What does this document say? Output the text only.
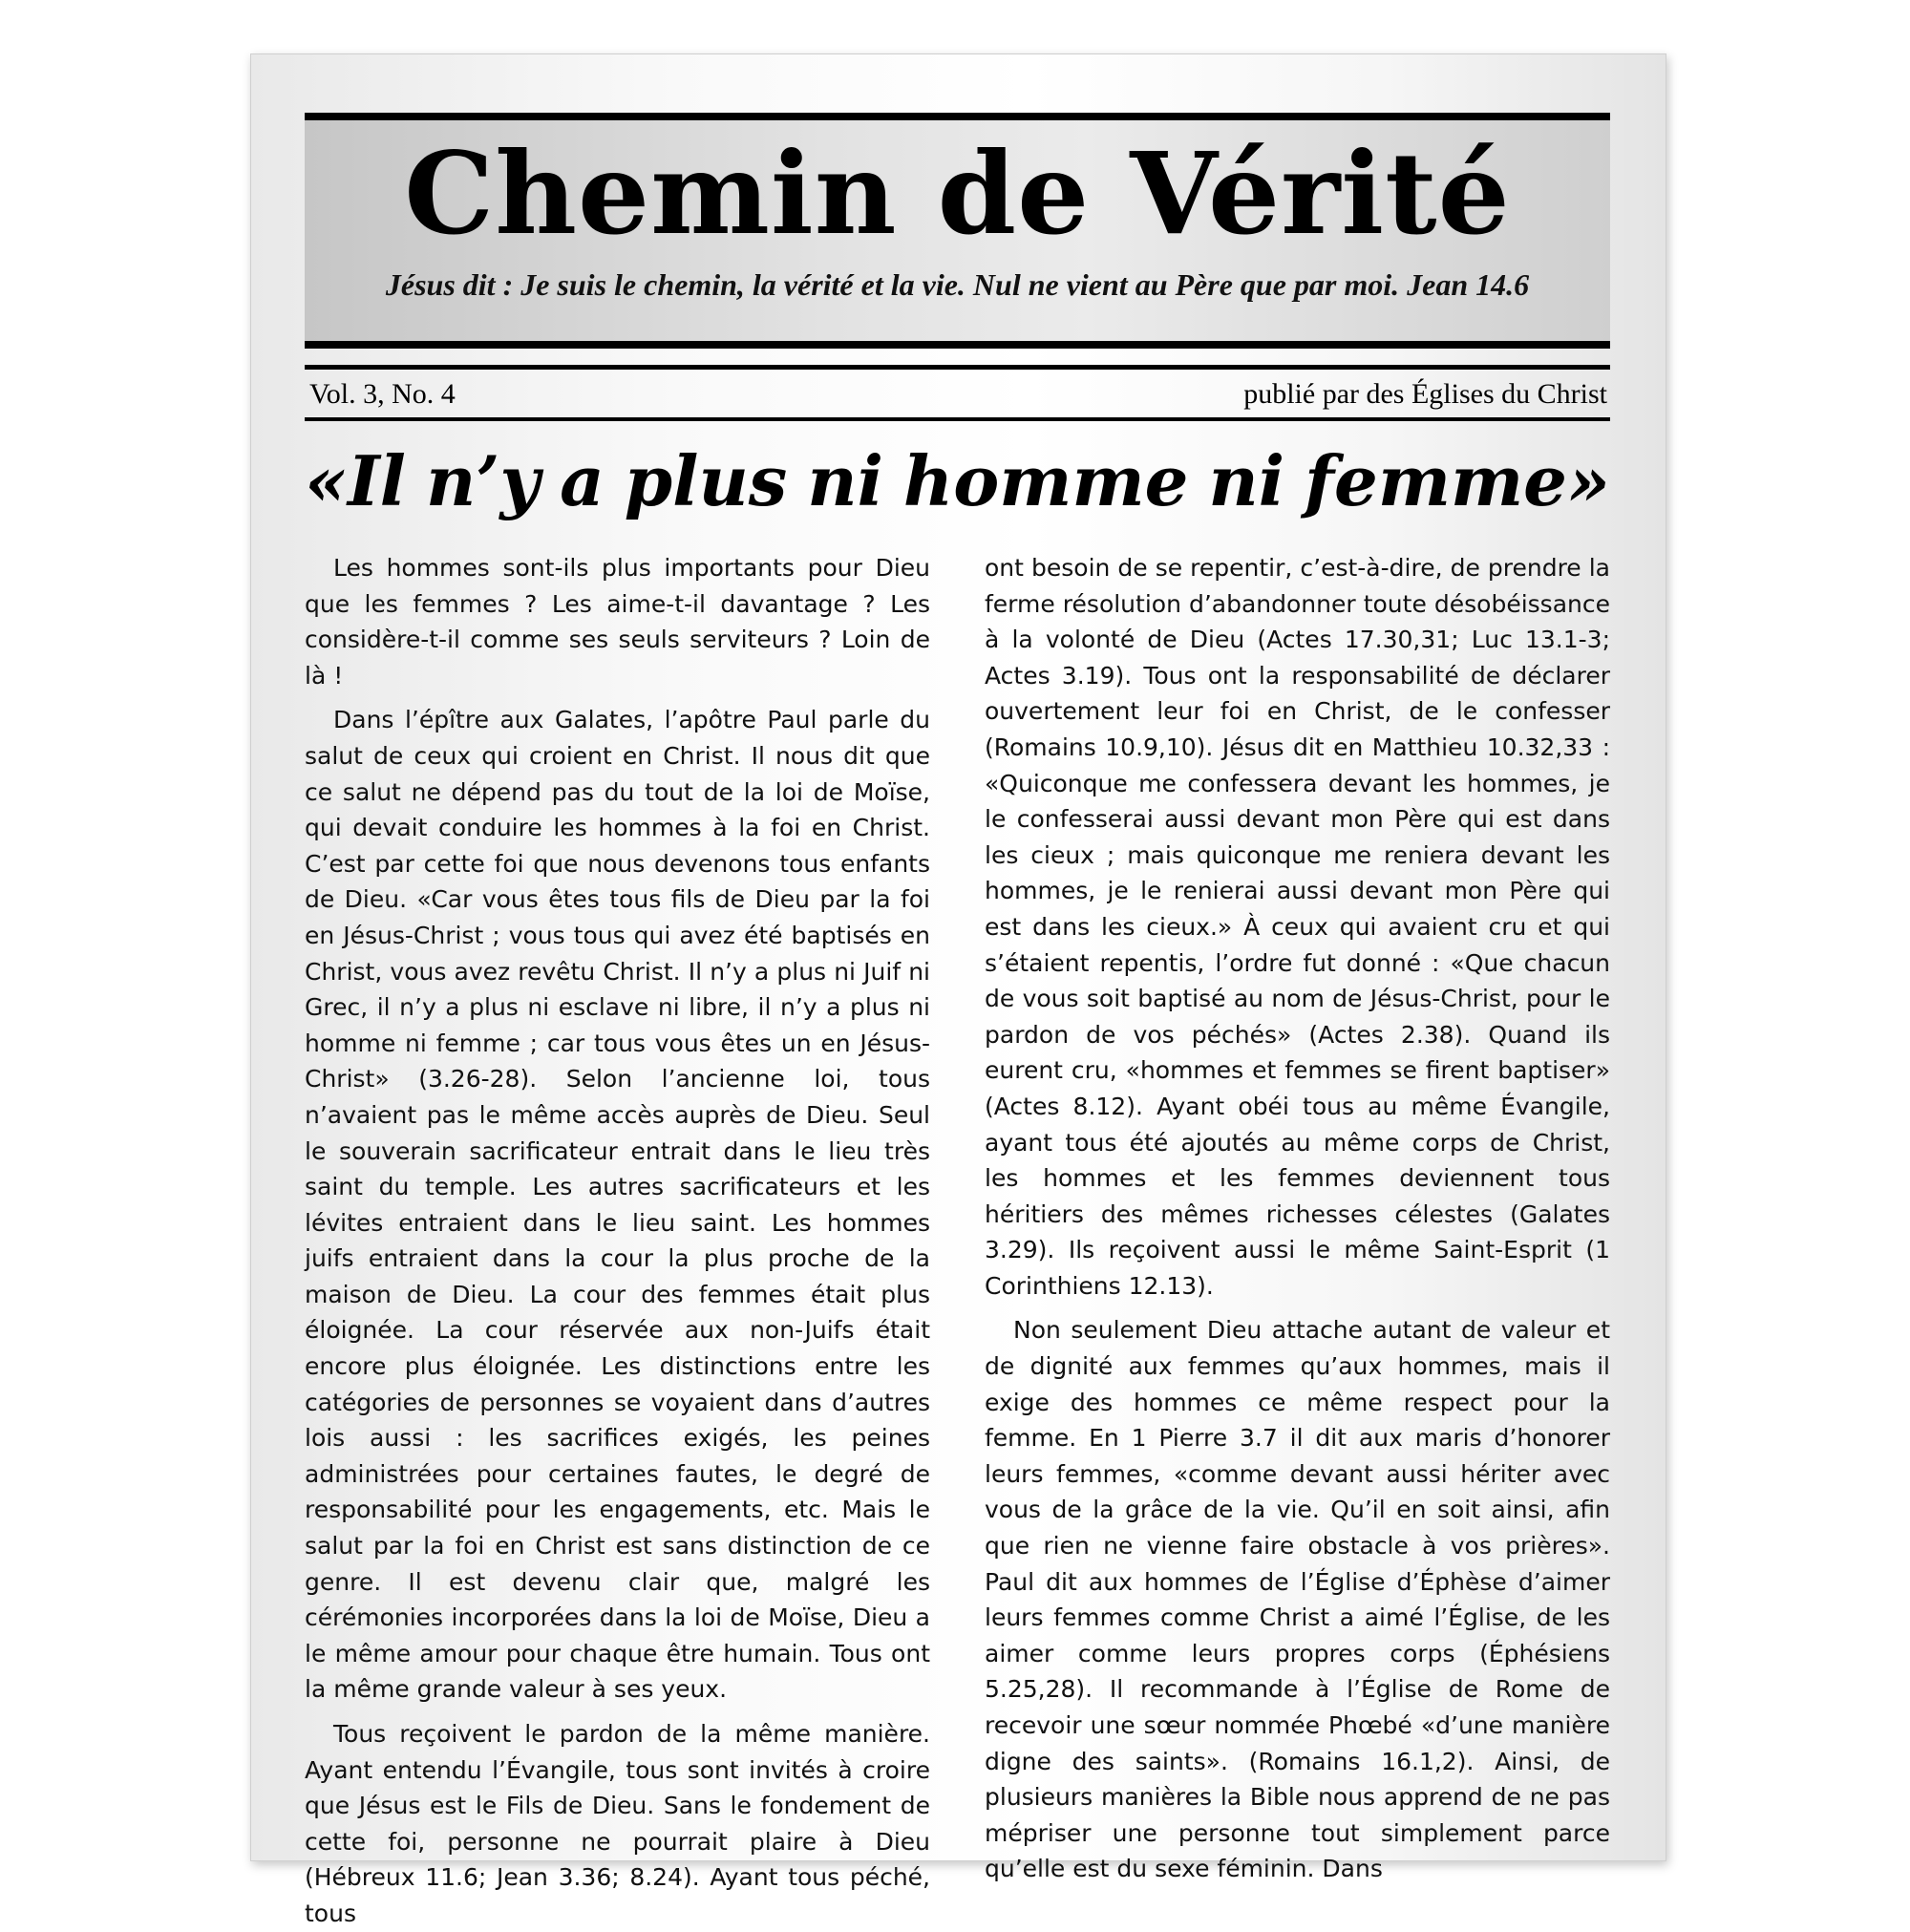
Chemin de Vérité
Jésus dit : Je suis le chemin, la vérité et la vie. Nul ne vient au Père que par moi. Jean 14.6
Vol. 3, No. 4	publié par des Églises du Christ
«Il n’y a plus ni homme ni femme»

Les hommes sont-ils plus importants pour Dieu que les femmes ? Les aime-t-il davantage ? Les considère-t-il comme ses seuls serviteurs ? Loin de là !

Dans l’épître aux Galates, l’apôtre Paul parle du salut de ceux qui croient en Christ. Il nous dit que ce salut ne dépend pas du tout de la loi de Moïse, qui devait conduire les hommes à la foi en Christ. C’est par cette foi que nous devenons tous enfants de Dieu. «Car vous êtes tous fils de Dieu par la foi en Jésus-Christ ; vous tous qui avez été baptisés en Christ, vous avez revêtu Christ. Il n’y a plus ni Juif ni Grec, il n’y a plus ni esclave ni libre, il n’y a plus ni homme ni femme ; car tous vous êtes un en Jésus-Christ» (3.26-28). Selon l’ancienne loi, tous n’avaient pas le même accès auprès de Dieu. Seul le souverain sacrificateur entrait dans le lieu très saint du temple. Les autres sacrificateurs et les lévites entraient dans le lieu saint. Les hommes juifs entraient dans la cour la plus proche de la maison de Dieu. La cour des femmes était plus éloignée. La cour réservée aux non-Juifs était encore plus éloignée. Les distinctions entre les catégories de personnes se voyaient dans d’autres lois aussi : les sacrifices exigés, les peines administrées pour certaines fautes, le degré de responsabilité pour les engagements, etc. Mais le salut par la foi en Christ est sans distinction de ce genre. Il est devenu clair que, malgré les cérémonies incorporées dans la loi de Moïse, Dieu a le même amour pour chaque être humain. Tous ont la même grande valeur à ses yeux.

Tous reçoivent le pardon de la même manière. Ayant entendu l’Évangile, tous sont invités à croire que Jésus est le Fils de Dieu. Sans le fondement de cette foi, personne ne pourrait plaire à Dieu (Hébreux 11.6; Jean 3.36; 8.24). Ayant tous péché, tous

ont besoin de se repentir, c’est-à-dire, de prendre la ferme résolution d’abandonner toute désobéissance à la volonté de Dieu (Actes 17.30,31; Luc 13.1-3; Actes 3.19). Tous ont la responsabilité de déclarer ouvertement leur foi en Christ, de le confesser (Romains 10.9,10). Jésus dit en Matthieu 10.32,33 : «Quiconque me confessera devant les hommes, je le confesserai aussi devant mon Père qui est dans les cieux ; mais quiconque me reniera devant les hommes, je le renierai aussi devant mon Père qui est dans les cieux.» À ceux qui avaient cru et qui s’étaient repentis, l’ordre fut donné : «Que chacun de vous soit baptisé au nom de Jésus-Christ, pour le pardon de vos péchés» (Actes 2.38). Quand ils eurent cru, «hommes et femmes se firent baptiser» (Actes 8.12). Ayant obéi tous au même Évangile, ayant tous été ajoutés au même corps de Christ, les hommes et les femmes deviennent tous héritiers des mêmes richesses célestes (Galates 3.29). Ils reçoivent aussi le même Saint-Esprit (1 Corinthiens 12.13).

Non seulement Dieu attache autant de valeur et de dignité aux femmes qu’aux hommes, mais il exige des hommes ce même respect pour la femme. En 1 Pierre 3.7 il dit aux maris d’honorer leurs femmes, «comme devant aussi hériter avec vous de la grâce de la vie. Qu’il en soit ainsi, afin que rien ne vienne faire obstacle à vos prières». Paul dit aux hommes de l’Église d’Éphèse d’aimer leurs femmes comme Christ a aimé l’Église, de les aimer comme leurs propres corps (Éphésiens 5.25,28). Il recommande à l’Église de Rome de recevoir une sœur nommée Phœbé «d’une manière digne des saints». (Romains 16.1,2). Ainsi, de plusieurs manières la Bible nous apprend de ne pas mépriser une personne tout simplement parce qu’elle est du sexe féminin. Dans
